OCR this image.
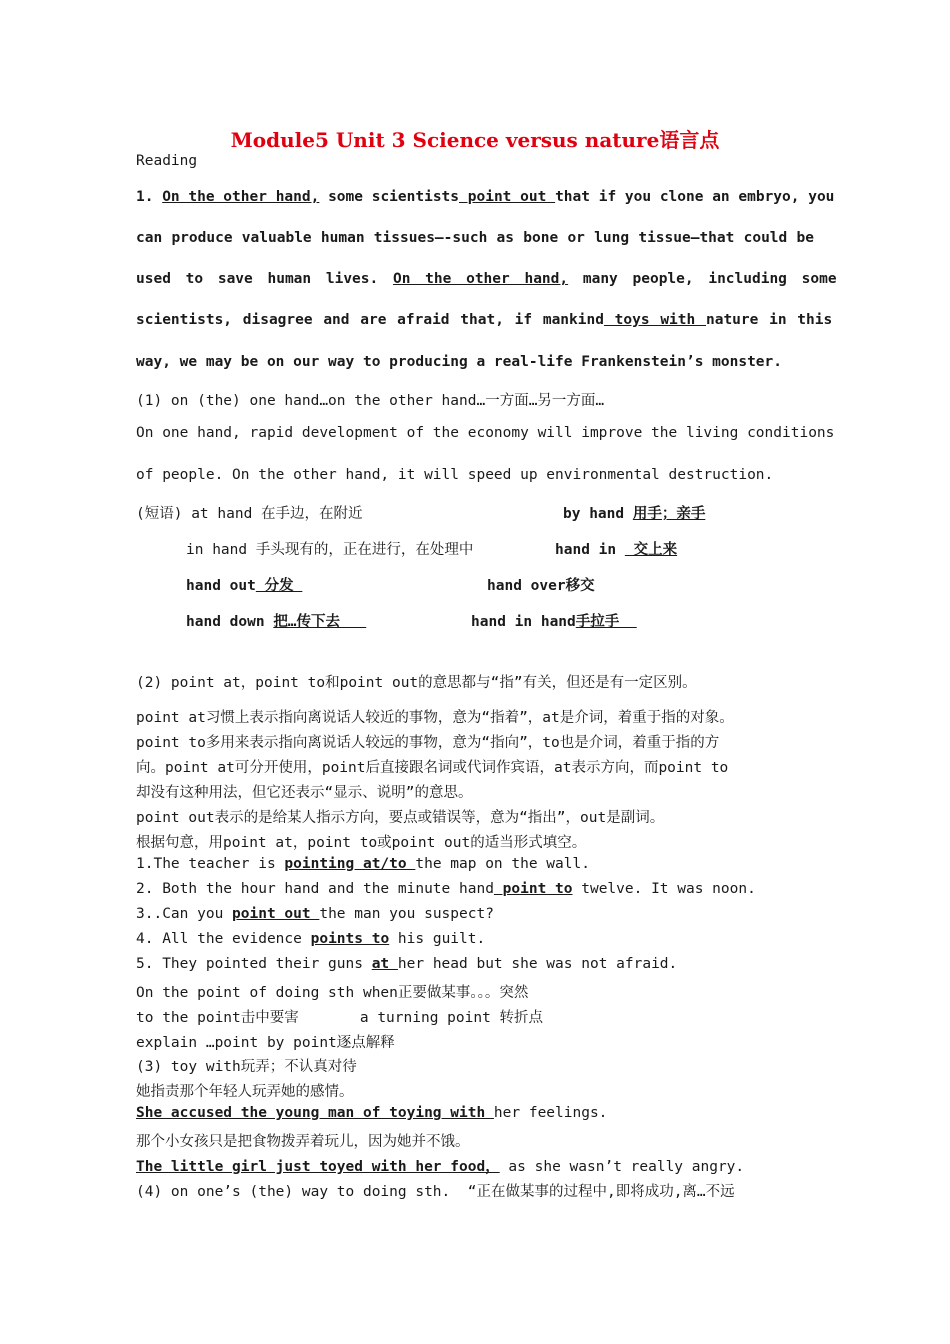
Module5 Unit 3 Science versus nature语言点
Reading
1. On the other hand, some scientists point out that if you clone an embryo, you
can produce valuable human tissues—-such as bone or lung tissue—that could be
used to save human lives. On the other hand, many people, including some
scientists, disagree and are afraid that, if mankind toys with nature in this
way, we may be on our way to producing a real-life Frankenstein’s monster.
(1) on (the) one hand…on the other hand…一方面…另一方面…
On one hand, rapid development of the economy will improve the living conditions
of people. On the other hand, it will speed up environmental destruction.
(短语) at hand 在手边，在附近	by hand 用手；亲手
in hand 手头现有的，正在进行，在处理中	hand in  交上来
hand out 分发	hand over移交
hand down 把…传下去	hand in hand手拉手
(2) point at，point to和point out的意思都与“指”有关，但还是有一定区别。
point at习惯上表示指向离说话人较近的事物，意为“指着”，at是介词，着重于指的对象。
point to多用来表示指向离说话人较远的事物，意为“指向”，to也是介词，着重于指的方
向。point at可分开使用，point后直接跟名词或代词作宾语，at表示方向，而point to
却没有这种用法，但它还表示“显示、说明”的意思。
point out表示的是给某人指示方向，要点或错误等，意为“指出”，out是副词。
根据句意，用point at，point to或point out的适当形式填空。
1.The teacher is pointing at/to the map on the wall.
2. Both the hour hand and the minute hand point to twelve. It was noon.
3..Can you point out the man you suspect?
4. All the evidence points to his guilt.
5. They pointed their guns at her head but she was not afraid.
On the point of doing sth when正要做某事。。。突然
to the point击中要害       a turning point 转折点
explain …point by point逐点解释
(3) toy with玩弄；不认真对待
她指责那个年轻人玩弄她的感情。
She accused the young man of toying with her feelings.
那个小女孩只是把食物拨弄着玩儿，因为她并不饿。
The little girl just toyed with her food， as she wasn’t really angry.
(4) on one’s (the) way to doing sth.  “正在做某事的过程中,即将成功,离…不远
